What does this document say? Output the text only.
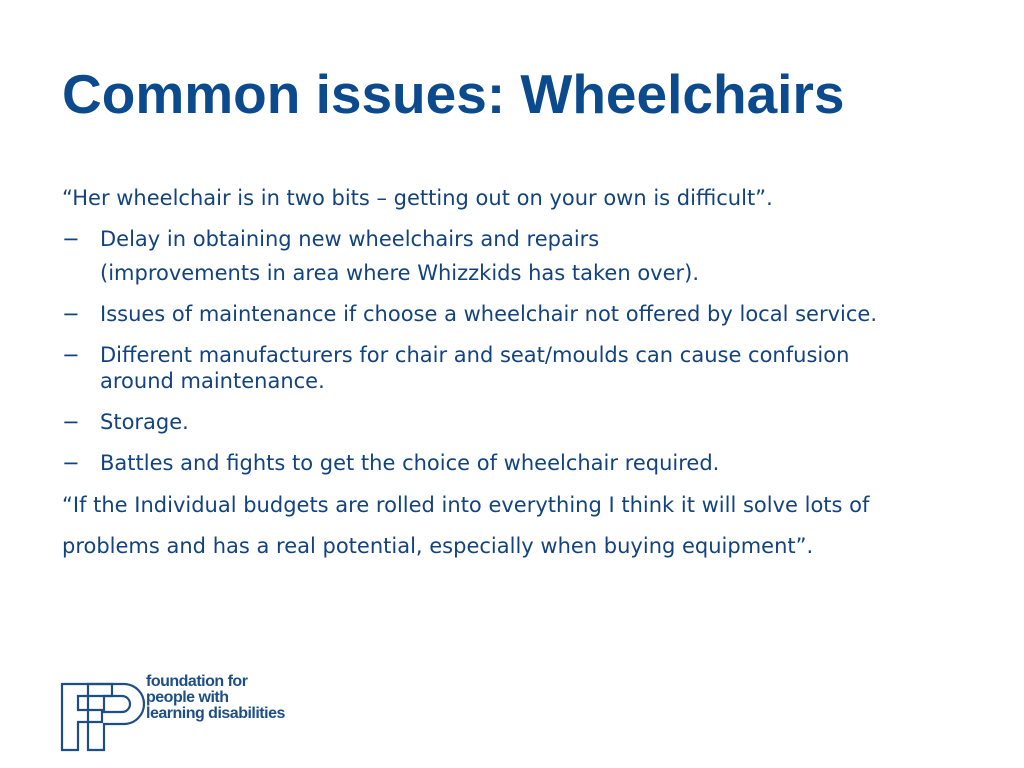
Common issues: Wheelchairs
“Her wheelchair is in two bits – getting out on your own is difficult”.
− Delay in obtaining new wheelchairs and repairs
(improvements in area where Whizzkids has taken over).
− Issues of maintenance if choose a wheelchair not offered by local service.
− Different manufacturers for chair and seat/moulds can cause confusion
around maintenance.
− Storage.
− Battles and fights to get the choice of wheelchair required.
“If the Individual budgets are rolled into everything I think it will solve lots of problems and has a real potential, especially when buying equipment”.
foundation for
people with
learning disabilities
